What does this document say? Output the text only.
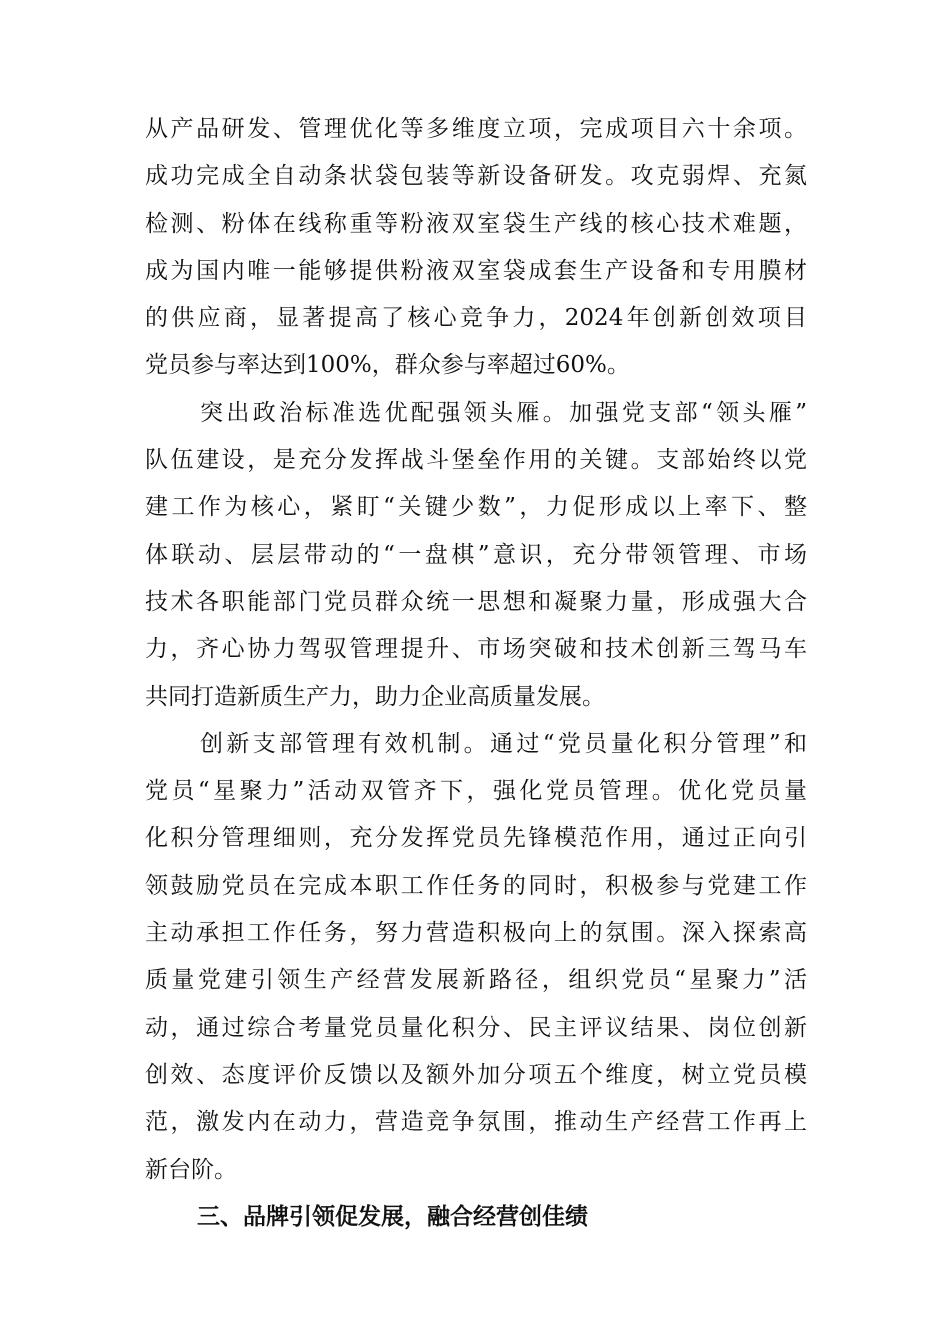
从产品研发、管理优化等多维度立项，完成项目六十余项。
成功完成全自动条状袋包装等新设备研发。攻克弱焊、充氮
检测、粉体在线称重等粉液双室袋生产线的核心技术难题，
成为国内唯一能够提供粉液双室袋成套生产设备和专用膜材
的供应商，显著提高了核心竞争力，2024年创新创效项目
党员参与率达到100%，群众参与率超过60%。
突出政治标准选优配强领头雁。加强党支部“领头雁”
队伍建设，是充分发挥战斗堡垒作用的关键。支部始终以党
建工作为核心，紧盯“关键少数”，力促形成以上率下、整
体联动、层层带动的“一盘棋”意识，充分带领管理、市场
技术各职能部门党员群众统一思想和凝聚力量，形成强大合
力，齐心协力驾驭管理提升、市场突破和技术创新三驾马车
共同打造新质生产力，助力企业高质量发展。
创新支部管理有效机制。通过“党员量化积分管理”和
党员“星聚力”活动双管齐下，强化党员管理。优化党员量
化积分管理细则，充分发挥党员先锋模范作用，通过正向引
领鼓励党员在完成本职工作任务的同时，积极参与党建工作
主动承担工作任务，努力营造积极向上的氛围。深入探索高
质量党建引领生产经营发展新路径，组织党员“星聚力”活
动，通过综合考量党员量化积分、民主评议结果、岗位创新
创效、态度评价反馈以及额外加分项五个维度，树立党员模
范，激发内在动力，营造竞争氛围，推动生产经营工作再上
新台阶。
三、品牌引领促发展，融合经营创佳绩
